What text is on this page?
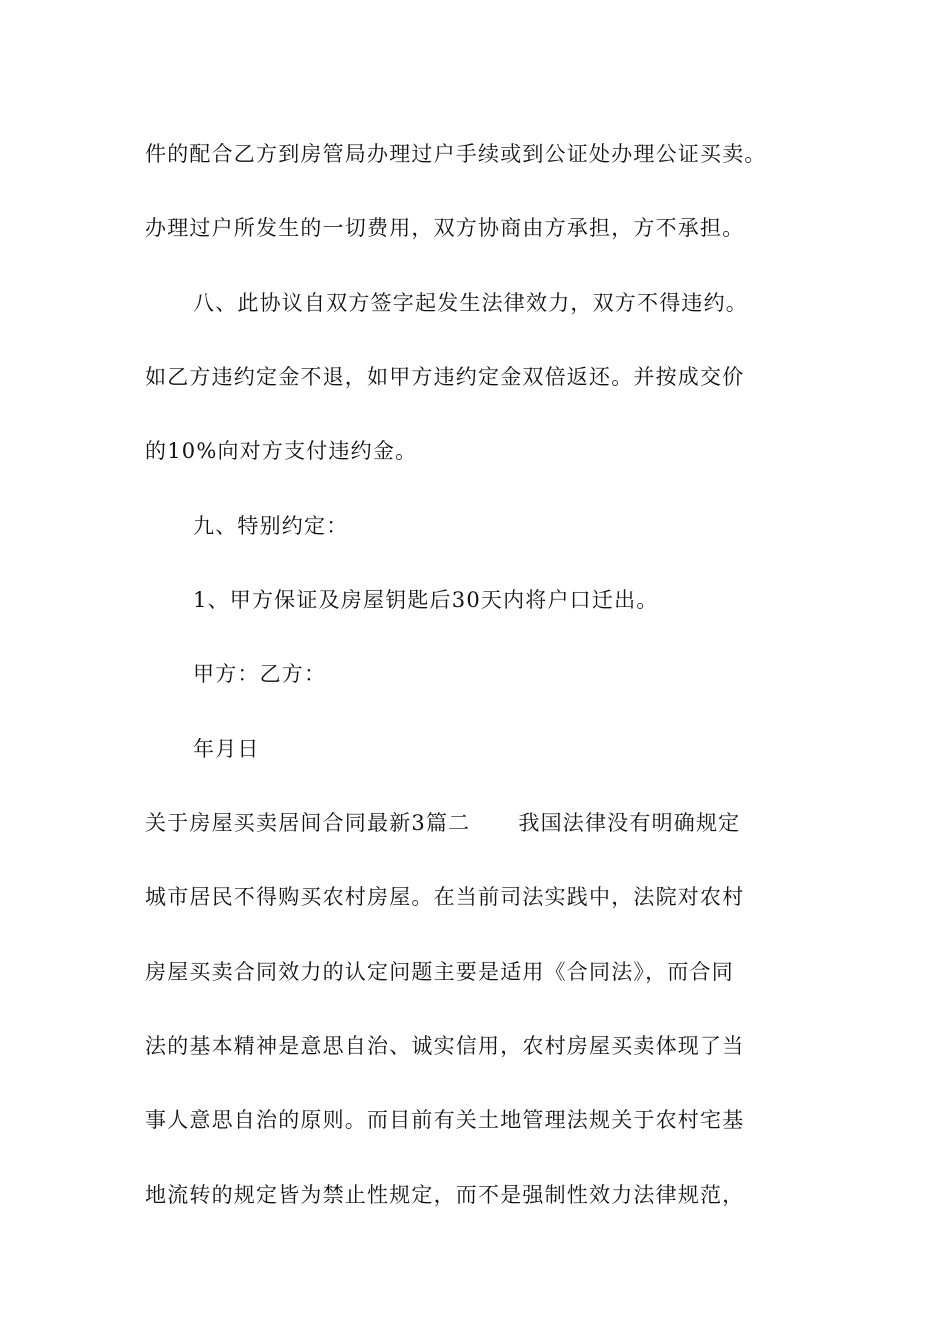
件的配合乙方到房管局办理过户手续或到公证处办理公证买卖。
办理过户所发生的一切费用，双方协商由方承担，方不承担。
八、此协议自双方签字起发生法律效力，双方不得违约。
如乙方违约定金不退，如甲方违约定金双倍返还。并按成交价
的10%向对方支付违约金。
九、特别约定：
1、甲方保证及房屋钥匙后30天内将户口迁出。
甲方：乙方：
年月日
关于房屋买卖居间合同最新3篇二 我国法律没有明确规定
城市居民不得购买农村房屋。在当前司法实践中，法院对农村
房屋买卖合同效力的认定问题主要是适用《合同法》，而合同
法的基本精神是意思自治、诚实信用，农村房屋买卖体现了当
事人意思自治的原则。而目前有关土地管理法规关于农村宅基
地流转的规定皆为禁止性规定，而不是强制性效力法律规范，
